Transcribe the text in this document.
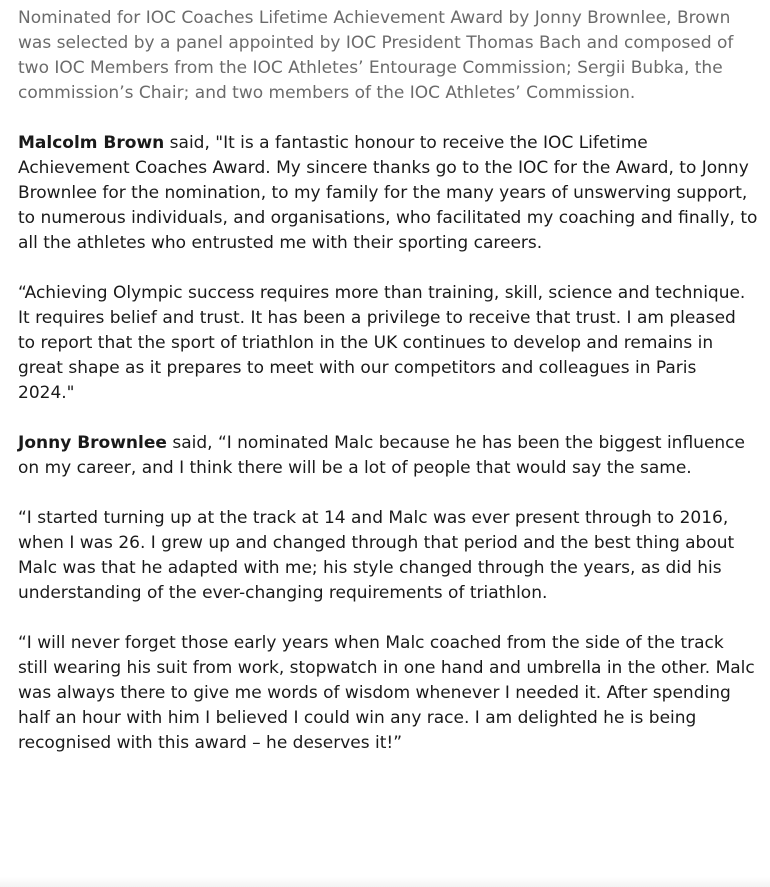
Nominated for IOC Coaches Lifetime Achievement Award by Jonny Brownlee, Brown was selected by a panel appointed by IOC President Thomas Bach and composed of two IOC Members from the IOC Athletes’ Entourage Commission; Sergii Bubka, the commission’s Chair; and two members of the IOC Athletes’ Commission.

Malcolm Brown said, "It is a fantastic honour to receive the IOC Lifetime Achievement Coaches Award. My sincere thanks go to the IOC for the Award, to Jonny Brownlee for the nomination, to my family for the many years of unswerving support, to numerous individuals, and organisations, who facilitated my coaching and finally, to all the athletes who entrusted me with their sporting careers.

“Achieving Olympic success requires more than training, skill, science and technique. It requires belief and trust. It has been a privilege to receive that trust. I am pleased to report that the sport of triathlon in the UK continues to develop and remains in great shape as it prepares to meet with our competitors and colleagues in Paris 2024."

Jonny Brownlee said, “I nominated Malc because he has been the biggest influence on my career, and I think there will be a lot of people that would say the same.

“I started turning up at the track at 14 and Malc was ever present through to 2016, when I was 26. I grew up and changed through that period and the best thing about Malc was that he adapted with me; his style changed through the years, as did his understanding of the ever-changing requirements of triathlon.

“I will never forget those early years when Malc coached from the side of the track still wearing his suit from work, stopwatch in one hand and umbrella in the other. Malc was always there to give me words of wisdom whenever I needed it. After spending half an hour with him I believed I could win any race. I am delighted he is being recognised with this award – he deserves it!”
